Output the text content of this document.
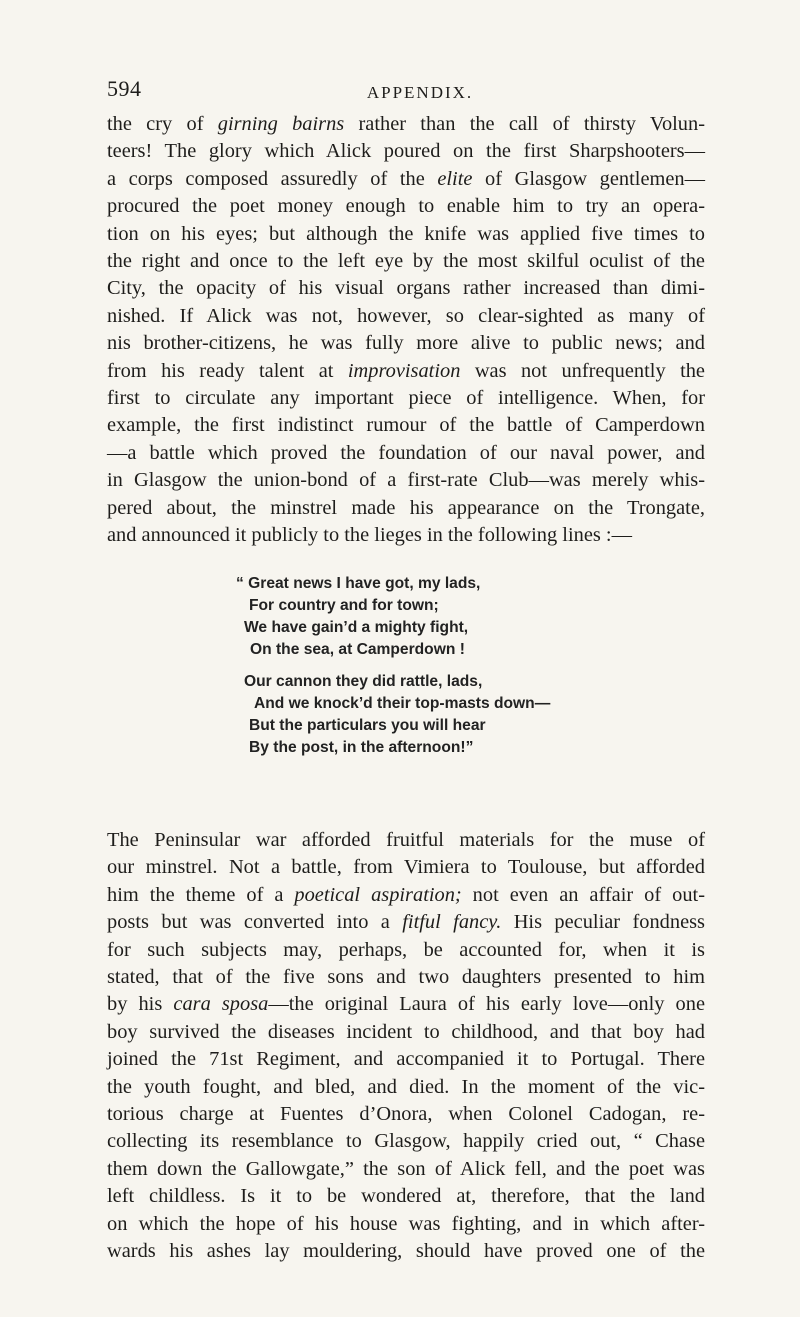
594	APPENDIX.
the cry of girning bairns rather than the call of thirsty Volun-
teers! The glory which Alick poured on the first Sharpshooters—
a corps composed assuredly of the elite of Glasgow gentlemen—
procured the poet money enough to enable him to try an opera-
tion on his eyes; but although the knife was applied five times to
the right and once to the left eye by the most skilful oculist of the
City, the opacity of his visual organs rather increased than dimi-
nished. If Alick was not, however, so clear-sighted as many of
nis brother-citizens, he was fully more alive to public news; and
from his ready talent at improvisation was not unfrequently the
first to circulate any important piece of intelligence. When, for
example, the first indistinct rumour of the battle of Camperdown
—a battle which proved the foundation of our naval power, and
in Glasgow the union-bond of a first-rate Club—was merely whis-
pered about, the minstrel made his appearance on the Trongate,
and announced it publicly to the lieges in the following lines :—
“ Great news I have got, my lads,
For country and for town;
We have gain’d a mighty fight,
On the sea, at Camperdown !
Our cannon they did rattle, lads,
And we knock’d their top-masts down—
But the particulars you will hear
By the post, in the afternoon!”
The Peninsular war afforded fruitful materials for the muse of
our minstrel. Not a battle, from Vimiera to Toulouse, but afforded
him the theme of a poetical aspiration; not even an affair of out-
posts but was converted into a fitful fancy. His peculiar fondness
for such subjects may, perhaps, be accounted for, when it is
stated, that of the five sons and two daughters presented to him
by his cara sposa—the original Laura of his early love—only one
boy survived the diseases incident to childhood, and that boy had
joined the 71st Regiment, and accompanied it to Portugal. There
the youth fought, and bled, and died. In the moment of the vic-
torious charge at Fuentes d’Onora, when Colonel Cadogan, re-
collecting its resemblance to Glasgow, happily cried out, “ Chase
them down the Gallowgate,” the son of Alick fell, and the poet was
left childless. Is it to be wondered at, therefore, that the land
on which the hope of his house was fighting, and in which after-
wards his ashes lay mouldering, should have proved one of the
